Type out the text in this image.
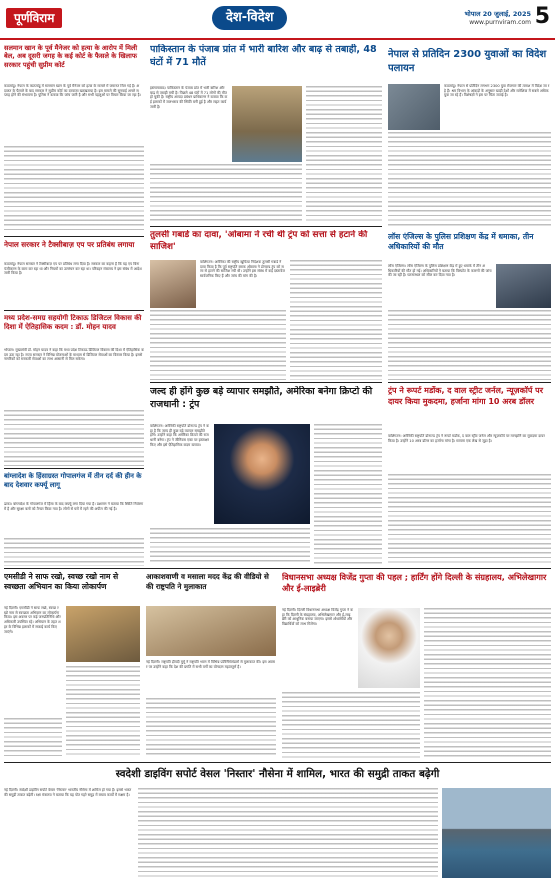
पूर्णविराम	देश-विदेश	भोपाल 20 जुलाई, 2025
www.purnviram.com 5
सलमान खान के पूर्व मैनेजर को हत्या के आरोप में मिली बेल, अब दूसरी जगह के कई कोर्ट के फैसले के खिलाफ सरकार पहुंची सुप्रीम कोर्ट
काठमांडू। नेपाल के काठमांडू में सलमान खान के पूर्व मैनेजर को हत्या के मामले में जमानत मिल गई है। अदालत के फैसले के बाद सरकार ने सुप्रीम कोर्ट का दरवाजा खटखटाया है। इस मामले की सुनवाई अगले सप्ताह होने की संभावना है। पुलिस ने बताया कि जांच जारी है और सभी पहलुओं पर विचार किया जा रहा है।
नेपाल सरकार ने टैक्सीबाज़ एप पर प्रतिबंध लगाया
काठमांडू। नेपाल सरकार ने टैक्सीबाज़ एप पर प्रतिबंध लगा दिया है। सरकार का कहना है कि यह एप बिना पंजीकरण के काम कर रहा था और नियमों का उल्लंघन कर रहा था। परिवहन मंत्रालय ने इस संबंध में आदेश जारी किया है।
मध्य प्रदेश-समग्र सहयोगी टिकाऊ डिजिटल विकास की दिशा में ऐतिहासिक कदम : डॉ. मोहन यादव
भोपाल। मुख्यमंत्री डॉ. मोहन यादव ने कहा कि मध्य प्रदेश टिकाऊ डिजिटल विकास की दिशा में ऐतिहासिक कदम उठा रहा है। राज्य सरकार ने विभिन्न योजनाओं के माध्यम से डिजिटल सेवाओं का विस्तार किया है। इससे नागरिकों को सरकारी सेवाओं का लाभ आसानी से मिल सकेगा।
बांग्लादेश के हिंसाग्रस्त गोपालगंज में तीन दर्द की हीन के बाद देशवार कर्फ्यू लागू
ढाका। बांग्लादेश के गोपालगंज में हिंसा के बाद कर्फ्यू लगा दिया गया है। प्रशासन ने बताया कि स्थिति नियंत्रण में है और सुरक्षा बलों को तैनात किया गया है। लोगों से घरों में रहने की अपील की गई है।
पाकिस्तान के पंजाब प्रांत में भारी बारिश और बाढ़ से तबाही, 48 घंटों में 71 मौतें
इस्लामाबाद। पाकिस्तान के पंजाब प्रांत में भारी बारिश और बाढ़ से तबाही मची है। पिछले 48 घंटों में 71 लोगों की मौत हो चुकी है। राष्ट्रीय आपदा प्रबंधन प्राधिकरण ने बताया कि कई इलाकों में जलभराव की स्थिति बनी हुई है और राहत कार्य जारी है।
नेपाल से प्रतिदिन 2300 युवाओं का विदेश पलायन
काठमांडू। नेपाल से प्रतिदिन लगभग 2300 युवा रोजगार की तलाश में विदेश जा रहे हैं। श्रम विभाग के आंकड़ों के अनुसार खाड़ी देशों और मलेशिया में सबसे अधिक युवा जा रहे हैं। विशेषज्ञों ने इस पर चिंता जताई है।
तुलसी गबार्ड का दावा, 'ओबामा ने रची थी ट्रंप को सत्ता से हटाने की साजिश'
वाशिंगटन। अमेरिका की राष्ट्रीय खुफिया निदेशक तुलसी गबार्ड ने दावा किया है कि पूर्व राष्ट्रपति बराक ओबामा ने डोनाल्ड ट्रंप को सत्ता से हटाने की साजिश रची थी। उन्होंने इस संबंध में कई दस्तावेज सार्वजनिक किए हैं और जांच की मांग की है।
लॉस एंजिल्स के पुलिस प्रशिक्षण केंद्र में धमाका, तीन अधिकारियों की मौत
लॉस एंजिल्स। लॉस एंजिल्स के पुलिस प्रशिक्षण केंद्र में हुए धमाके में तीन अधिकारियों की मौत हो गई। अधिकारियों ने बताया कि विस्फोट के कारणों की जांच की जा रही है। घटनास्थल को सील कर दिया गया है।
जल्द ही होंगे कुछ बड़े व्यापार समझौते, अमेरिका बनेगा क्रिप्टो की राजधानी : ट्रंप
वाशिंगटन। अमेरिकी राष्ट्रपति डोनाल्ड ट्रंप ने कहा है कि जल्द ही कुछ बड़े व्यापार समझौते होंगे। उन्होंने कहा कि अमेरिका क्रिप्टो की राजधानी बनेगा। ट्रंप ने जीनियस एक्ट पर हस्ताक्षर किए और इसे ऐतिहासिक कदम बताया।
ट्रंप ने रूपर्ट मर्डोक, द वाल स्ट्रीट जर्नल, न्यूज़कॉर्प पर दायर किया मुकदमा, हर्जाना मांगा 10 अरब डॉलर
वाशिंगटन। अमेरिकी राष्ट्रपति डोनाल्ड ट्रंप ने रूपर्ट मर्डोक, द वाल स्ट्रीट जर्नल और न्यूज़कॉर्प पर मानहानि का मुकदमा दायर किया है। उन्होंने 10 अरब डॉलर का हर्जाना मांगा है। मामला एक लेख से जुड़ा है।
एमसीडी ने साफ रखो, स्वच्छ रखो नाम से स्वच्छता अभियान का किया लोकार्पण
नई दिल्ली। एमसीडी ने साफ रखो, स्वच्छ रखो नाम से स्वच्छता अभियान का लोकार्पण किया। इस अवसर पर कई जनप्रतिनिधि और अधिकारी उपस्थित रहे। अभियान के तहत शहर के विभिन्न इलाकों में सफाई कार्य किए जाएंगे।
आकाशवाणी व मसाला मदद केंद्र की वीडियो से की राष्ट्रपति ने मुलाकात
नई दिल्ली। राष्ट्रपति द्रौपदी मुर्मू ने राष्ट्रपति भवन में विभिन्न प्रतिनिधिमंडलों से मुलाकात की। इस अवसर पर उन्होंने कहा कि देश की प्रगति में सभी वर्गों का योगदान महत्वपूर्ण है।
विधानसभा अध्यक्ष विजेंद्र गुप्ता की पहल ; हार्टिंग होंगे दिल्ली के संग्रहालय, अभिलेखागार और ई-लाइब्रेरी
नई दिल्ली। दिल्ली विधानसभा अध्यक्ष विजेंद्र गुप्ता ने कहा कि दिल्ली के संग्रहालय, अभिलेखागार और ई-लाइब्रेरी को आधुनिक बनाया जाएगा। इससे शोधार्थियों और विद्यार्थियों को लाभ मिलेगा।
स्वदेशी डाइविंग सपोर्ट वेसल 'निस्तार' नौसेना में शामिल, भारत की समुद्री ताकत बढ़ेगी
नई दिल्ली। स्वदेशी डाइविंग सपोर्ट वेसल 'निस्तार' भारतीय नौसेना में शामिल हो गया है। इससे भारत की समुद्री ताकत बढ़ेगी। रक्षा मंत्रालय ने बताया कि यह पोत गहरे समुद्र में बचाव कार्यों में सक्षम है।
